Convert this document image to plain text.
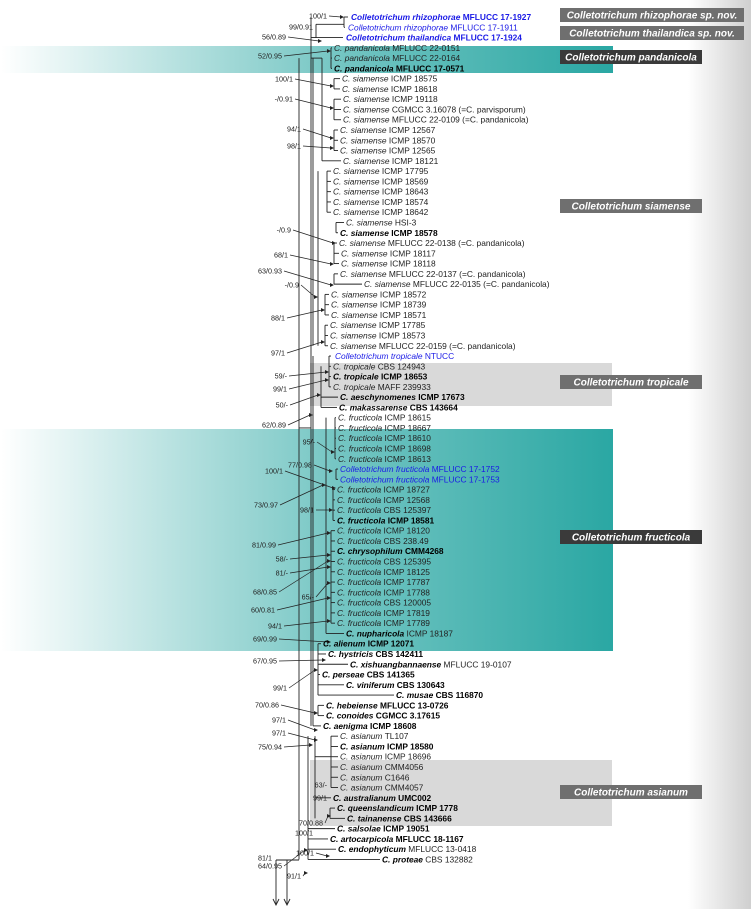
Colletotrichum rhizophorae MFLUCC 17-1927
Colletotrichum rhizophorae MFLUCC 17-1911
Colletotrichum thailandica MFLUCC 17-1924
C. pandanicola MFLUCC 22-0151
C. pandanicola MFLUCC 22-0164
C. pandanicola MFLUCC 17-0571
C. siamense ICMP 18575
C. siamense ICMP 18618
C. siamense ICMP 19118
C. siamense CGMCC 3.16078 (=C. parvisporum)
C. siamense MFLUCC 22-0109 (=C. pandanicola)
C. siamense ICMP 12567
C. siamense ICMP 18570
C. siamense ICMP 12565
C. siamense ICMP 18121
C. siamense ICMP 17795
C. siamense ICMP 18569
C. siamense ICMP 18643
C. siamense ICMP 18574
C. siamense ICMP 18642
C. siamense HSI-3
C. siamense ICMP 18578
C. siamense MFLUCC 22-0138 (=C. pandanicola)
C. siamense ICMP 18117
C. siamense ICMP 18118
C. siamense MFLUCC 22-0137 (=C. pandanicola)
C. siamense MFLUCC 22-0135 (=C. pandanicola)
C. siamense ICMP 18572
C. siamense ICMP 18739
C. siamense ICMP 18571
C. siamense ICMP 17785
C. siamense ICMP 18573
C. siamense MFLUCC 22-0159 (=C. pandanicola)
Colletotrichum tropicale NTUCC
C. tropicale CBS 124943
C. tropicale ICMP 18653
C. tropicale MAFF 239933
C. aeschynomenes ICMP 17673
C. makassarense CBS 143664
C. fructicola ICMP 18615
C. fructicola ICMP 18667
C. fructicola ICMP 18610
C. fructicola ICMP 18698
C. fructicola ICMP 18613
Colletotrichum fructicola MFLUCC 17-1752
Colletotrichum fructicola MFLUCC 17-1753
C. fructicola ICMP 18727
C. fructicola ICMP 12568
C. fructicola CBS 125397
C. fructicola ICMP 18581
C. fructicola ICMP 18120
C. fructicola CBS 238.49
C. chrysophilum CMM4268
C. fructicola CBS 125395
C. fructicola ICMP 18125
C. fructicola ICMP 17787
C. fructicola ICMP 17788
C. fructicola CBS 120005
C. fructicola ICMP 17819
C. fructicola ICMP 17789
C. nupharicola ICMP 18187
C. alienum ICMP 12071
C. hystricis CBS 142411
C. xishuangbannaense MFLUCC 19-0107
C. perseae CBS 141365
C. viniferum CBS 130643
C. musae CBS 116870
C. hebeiense MFLUCC 13-0726
C. conoides CGMCC 3.17615
C. aenigma ICMP 18608
C. asianum TL107
C. asianum ICMP 18580
C. asianum ICMP 18696
C. asianum CMM4056
C. asianum C1646
C. asianum CMM4057
C. australianum UMC002
C. queenslandicum ICMP 1778
C. tainanense CBS 143666
C. salsolae ICMP 19051
C. artocarpicola MFLUCC 18-1167
C. endophyticum MFLUCC 13-0418
C. proteae CBS 132882
100/1
99/0.91
56/0.89
52/0.95
100/1
-/0.91
94/1
98/1
-/0.9
68/1
63/0.93
-/0.9
88/1
97/1
59/-
99/1
50/-
62/0.89
95/-
100/1
77/0.98
73/0.97
98/1
81/0.99
58/-
81/-
68/0.85
65/-
60/0.81
94/1
69/0.99
67/0.95
99/1
70/0.86
97/1
97/1
75/0.94
63/-
99/1
70/0.88
100/1
100/1
64/0.95
91/1
81/1
Colletotrichum rhizophorae sp. nov.
Colletotrichum thailandica sp. nov.
Colletotrichum pandanicola
Colletotrichum siamense
Colletotrichum tropicale
Colletotrichum fructicola
Colletotrichum asianum
